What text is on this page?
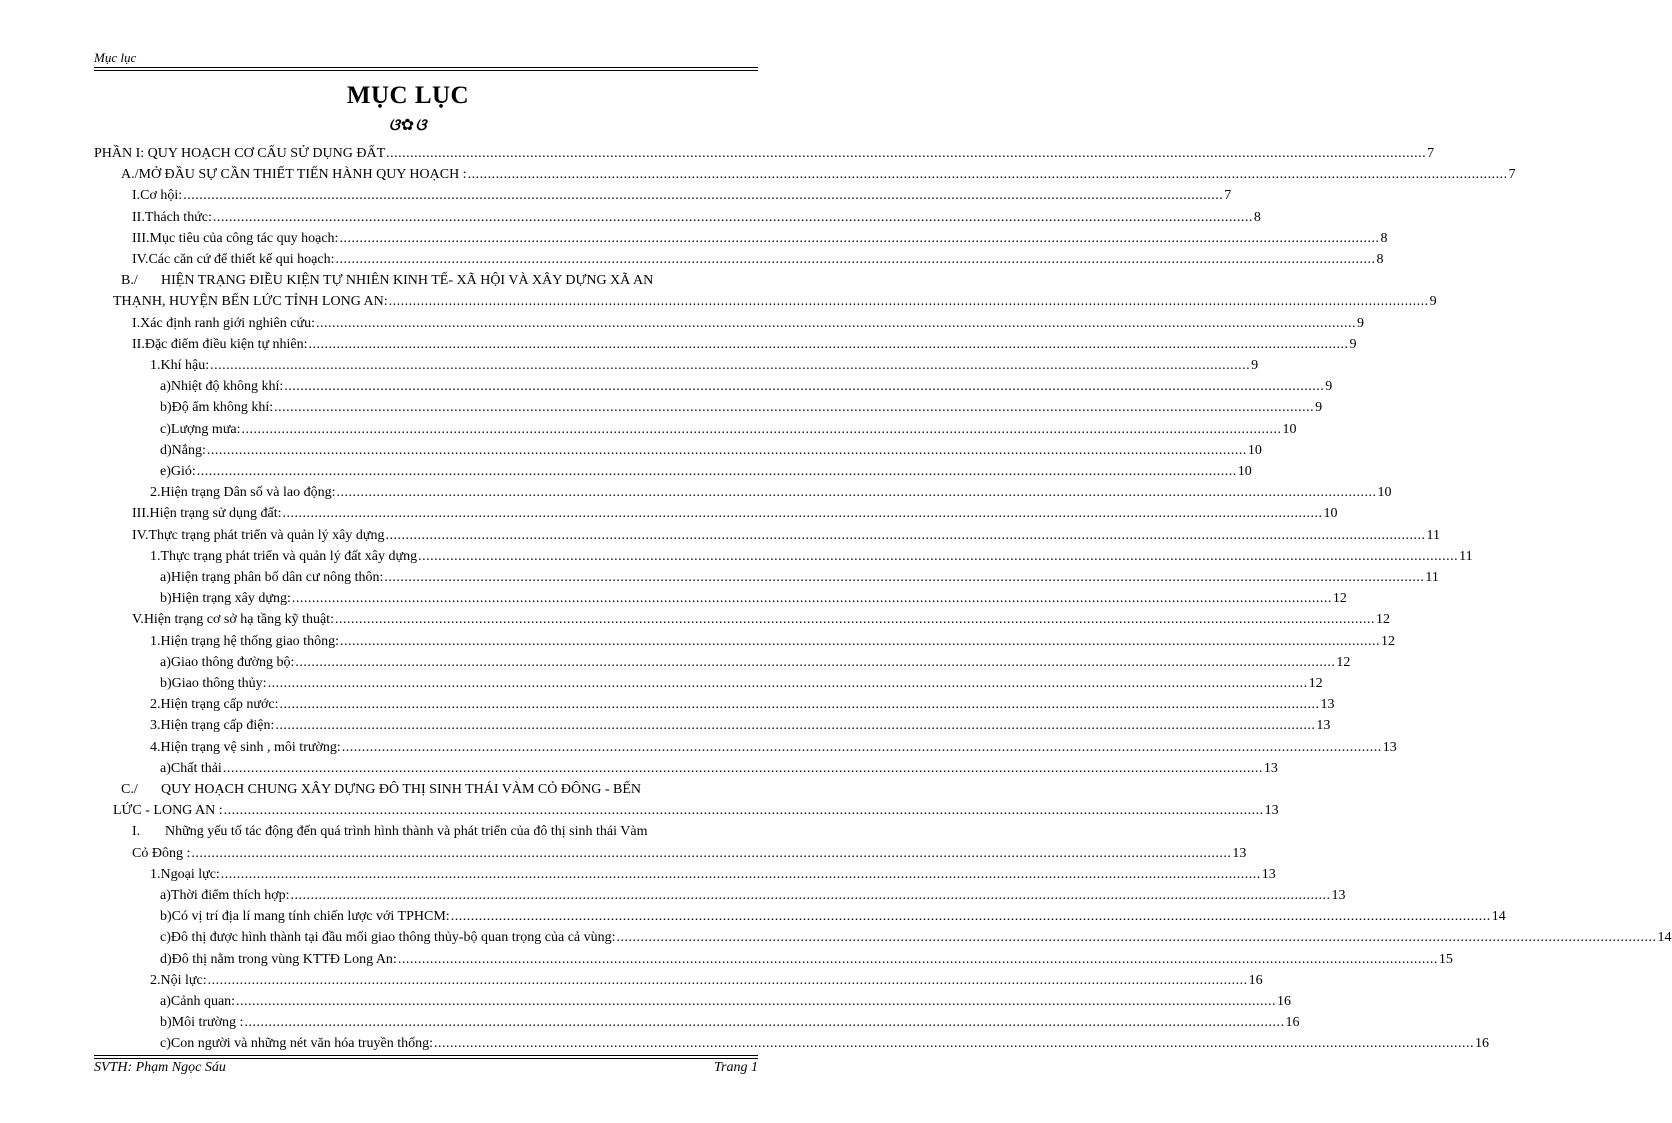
Mục lục
MỤC LỤC
ଓ✿ଓ
PHẦN I: QUY HOẠCH CƠ CẤU SỬ DỤNG ĐẤT .................................................................................................................................................................................................................................................................... 7
A./ MỞ ĐẦU SỰ CẦN THIẾT TIẾN HÀNH QUY HOẠCH : .................................................................................................................................................................................................................................................................... 7
I. Cơ hội: .................................................................................................................................................................................................................................................................... 7
II. Thách thức: .................................................................................................................................................................................................................................................................... 8
III. Mục tiêu của công tác quy hoạch: .................................................................................................................................................................................................................................................................... 8
IV. Các căn cứ để thiết kế qui hoạch: .................................................................................................................................................................................................................................................................... 8
B./ HIỆN TRẠNG ĐIỀU KIỆN TỰ NHIÊN KINH TẾ- XÃ HỘI VÀ XÂY DỰNG XÃ AN
THẠNH, HUYỆN BẾN LỨC TỈNH LONG AN: .................................................................................................................................................................................................................................................................... 9
I. Xác định ranh giới nghiên cứu: .................................................................................................................................................................................................................................................................... 9
II. Đặc điểm điều kiện tự nhiên: .................................................................................................................................................................................................................................................................... 9
1. Khí hậu: .................................................................................................................................................................................................................................................................... 9
a) Nhiệt độ không khí: .................................................................................................................................................................................................................................................................... 9
b) Độ ẩm không khí: .................................................................................................................................................................................................................................................................... 9
c) Lượng mưa: .................................................................................................................................................................................................................................................................... 10
d) Nắng: .................................................................................................................................................................................................................................................................... 10
e) Gió: .................................................................................................................................................................................................................................................................... 10
2. Hiện trạng Dân số và lao động: .................................................................................................................................................................................................................................................................... 10
III. Hiện trạng sử dụng đất: .................................................................................................................................................................................................................................................................... 10
IV. Thực trạng phát triển và quản lý xây dựng .................................................................................................................................................................................................................................................................... 11
1. Thực trạng phát triển và quản lý đất xây dựng .................................................................................................................................................................................................................................................................... 11
a) Hiện trạng phân bố dân cư nông thôn: .................................................................................................................................................................................................................................................................... 11
b) Hiện trạng xây dựng: .................................................................................................................................................................................................................................................................... 12
V. Hiện trạng cơ sở hạ tầng kỹ thuật: .................................................................................................................................................................................................................................................................... 12
1. Hiện trạng hệ thống giao thông: .................................................................................................................................................................................................................................................................... 12
a) Giao thông đường bộ: .................................................................................................................................................................................................................................................................... 12
b) Giao thông thủy: .................................................................................................................................................................................................................................................................... 12
2. Hiện trạng cấp nước: .................................................................................................................................................................................................................................................................... 13
3. Hiện trạng cấp điện: .................................................................................................................................................................................................................................................................... 13
4. Hiện trạng vệ sinh , môi trường: .................................................................................................................................................................................................................................................................... 13
a) Chất thải .................................................................................................................................................................................................................................................................... 13
C./ QUY HOẠCH CHUNG XÂY DỰNG ĐÔ THỊ SINH THÁI VÀM CỎ ĐÔNG - BẾN
LỨC - LONG AN : .................................................................................................................................................................................................................................................................... 13
I. Những yếu tố tác động đến quá trình hình thành và phát triển của đô thị sinh thái Vàm
Cỏ Đông : .................................................................................................................................................................................................................................................................... 13
1. Ngoại lực: .................................................................................................................................................................................................................................................................... 13
a) Thời điểm thích hợp: .................................................................................................................................................................................................................................................................... 13
b) Có vị trí địa lí mang tính chiến lược với TPHCM: .................................................................................................................................................................................................................................................................... 14
c) Đô thị được hình thành tại đầu mối giao thông thủy-bộ quan trọng của cả vùng: .................................................................................................................................................................................................................................................................... 14
d) Đô thị nằm trong vùng KTTĐ Long An: .................................................................................................................................................................................................................................................................... 15
2. Nội lực: .................................................................................................................................................................................................................................................................... 16
a) Cảnh quan: .................................................................................................................................................................................................................................................................... 16
b) Môi trường : .................................................................................................................................................................................................................................................................... 16
c) Con người và những nét văn hóa truyền thống: .................................................................................................................................................................................................................................................................... 16
SVTH: Phạm Ngọc Sáu	Trang 1
